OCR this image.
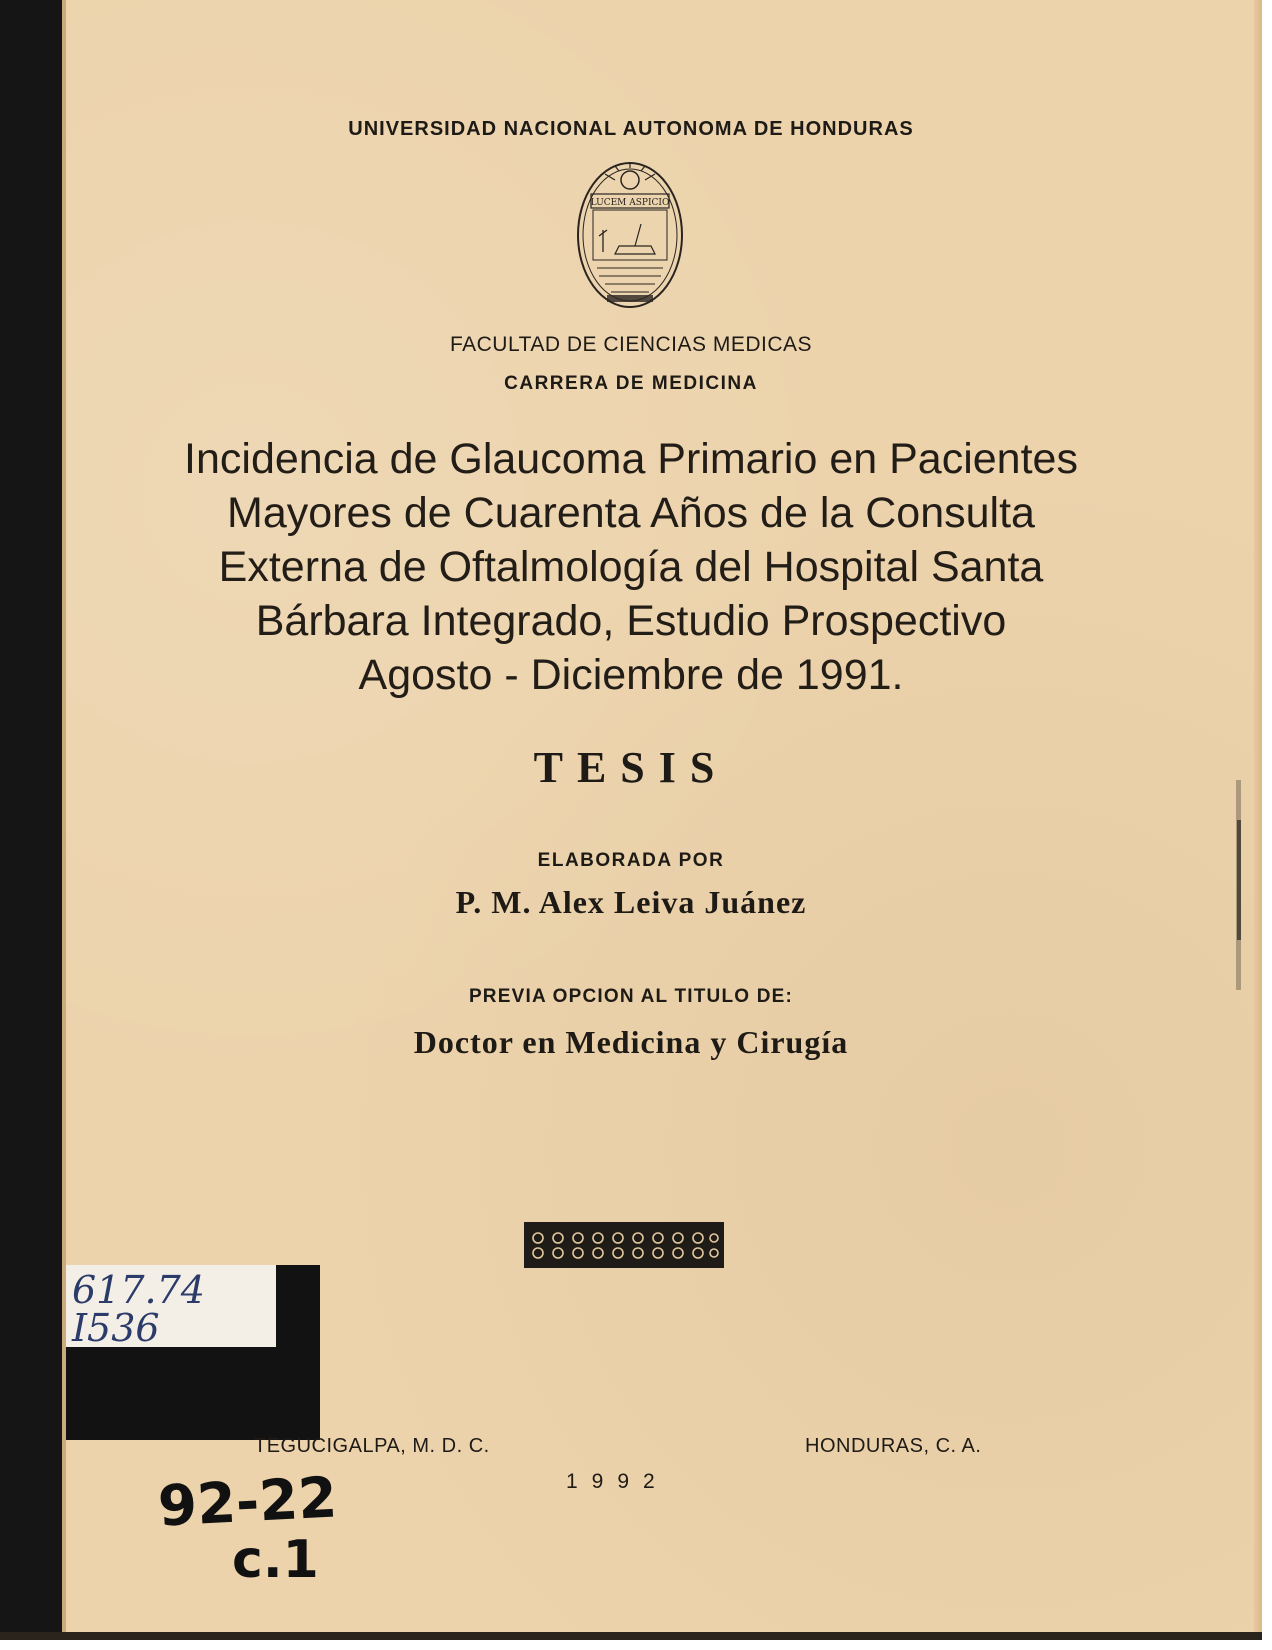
UNIVERSIDAD NACIONAL AUTONOMA DE HONDURAS

LUCEM ASPICIO

FACULTAD DE CIENCIAS MEDICAS

CARRERA DE MEDICINA

Incidencia de Glaucoma Primario en Pacientes
Mayores de Cuarenta Años de la Consulta
Externa de Oftalmología del Hospital Santa
Bárbara Integrado, Estudio Prospectivo
Agosto - Diciembre de 1991.

TESIS

ELABORADA POR

P. M. Alex Leiva Juánez

PREVIA OPCION AL TITULO DE:

Doctor en Medicina y Cirugía

617.74

I536

TEGUCIGALPA, M. D. C.	HONDURAS, C. A.
1992

92-22

c.1
